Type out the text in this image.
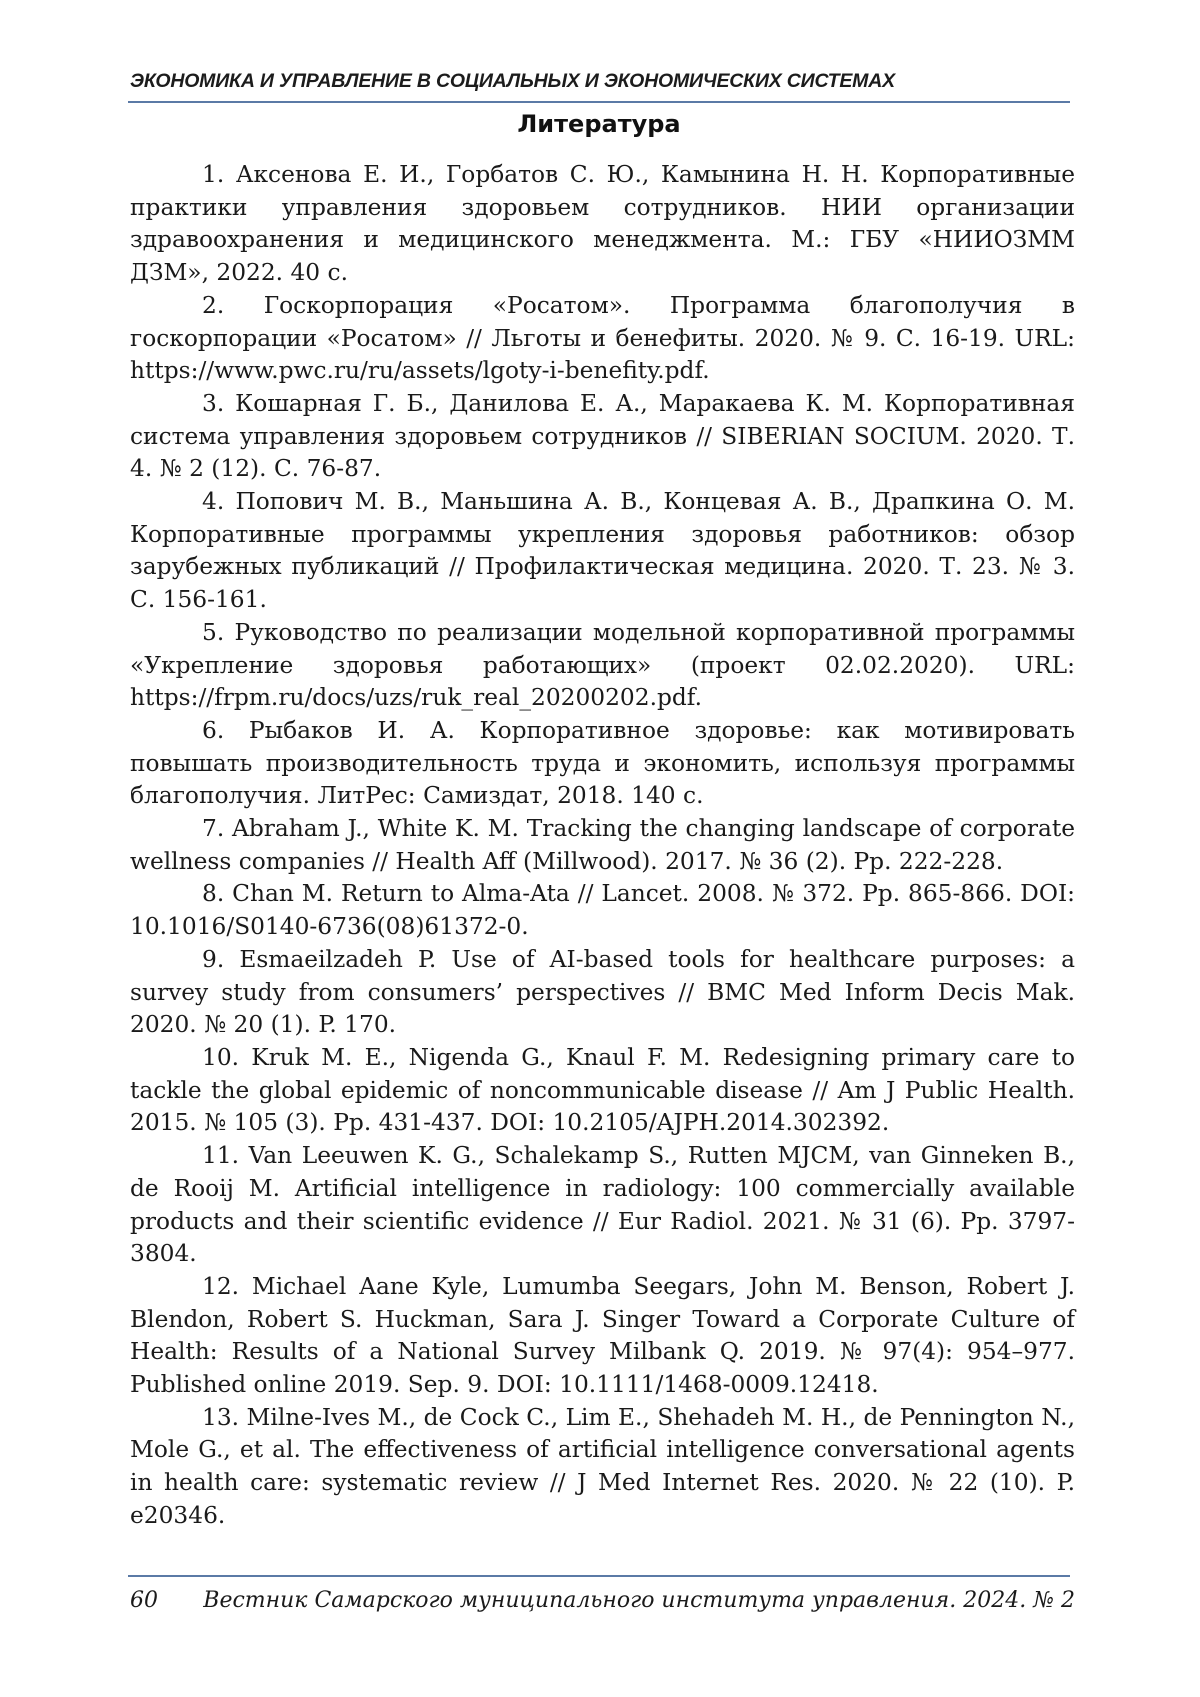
ЭКОНОМИКА И УПРАВЛЕНИЕ В СОЦИАЛЬНЫХ И ЭКОНОМИЧЕСКИХ СИСТЕМАХ
Литература
1. Аксенова Е. И., Горбатов С. Ю., Камынина Н. Н. Корпоративные практики управления здоровьем сотрудников. НИИ организации здравоохранения и медицинского менеджмента. М.: ГБУ «НИИОЗММ ДЗМ», 2022. 40 с.
2. Госкорпорация «Росатом». Программа благополучия в госкорпорации «Росатом» // Льготы и бенефиты. 2020. № 9. С. 16-19. URL: https://www.pwc.ru/ru/assets/lgoty-i-benefity.pdf.
3. Кошарная Г. Б., Данилова Е. А., Маракаева К. М. Корпоративная система управления здоровьем сотрудников // SIBERIAN SOCIUM. 2020. Т. 4. № 2 (12). С. 76-87.
4. Попович М. В., Маньшина А. В., Концевая А. В., Драпкина О. М. Корпоративные программы укрепления здоровья работников: обзор зарубежных публикаций // Профилактическая медицина. 2020. Т. 23. № 3. С. 156-161.
5. Руководство по реализации модельной корпоративной программы «Укрепление здоровья работающих» (проект 02.02.2020). URL: https://frpm.ru/docs/uzs/ruk_real_20200202.pdf.
6. Рыбаков И. А. Корпоративное здоровье: как мотивировать повышать производительность труда и экономить, используя программы благополучия. ЛитРес: Самиздат, 2018. 140 с.
7. Abraham J., White K. M. Tracking the changing landscape of corporate wellness companies // Health Aff (Millwood). 2017. № 36 (2). Pp. 222-228.
8. Chan M. Return to Alma-Ata // Lancet. 2008. № 372. Pp. 865-866. DOI: 10.1016/S0140-6736(08)61372-0.
9. Esmaeilzadeh P. Use of AI-based tools for healthcare purposes: a survey study from consumers’ perspectives // BMC Med Inform Decis Mak. 2020. № 20 (1). P. 170.
10. Kruk M. E., Nigenda G., Knaul F. M. Redesigning primary care to tackle the global epidemic of noncommunicable disease // Am J Public Health. 2015. № 105 (3). Pp. 431-437. DOI: 10.2105/AJPH.2014.302392.
11. Van Leeuwen K. G., Schalekamp S., Rutten MJCM, van Ginneken B., de Rooij M. Artificial intelligence in radiology: 100 commercially available products and their scientific evidence // Eur Radiol. 2021. № 31 (6). Pp. 3797-3804.
12. Michael Aane Kyle, Lumumba Seegars, John M. Benson, Robert J. Blendon, Robert S. Huckman, Sara J. Singer Toward a Corporate Culture of Health: Results of a National Survey Milbank Q. 2019. № 97(4): 954–977. Published online 2019. Sep. 9. DOI: 10.1111/1468-0009.12418.
13. Milne-Ives M., de Cock C., Lim E., Shehadeh M. H., de Pennington N., Mole G., et al. The effectiveness of artificial intelligence conversational agents in health care: systematic review // J Med Internet Res. 2020. № 22 (10). P. e20346.
60 Вестник Самарского муниципального института управления. 2024. № 2
